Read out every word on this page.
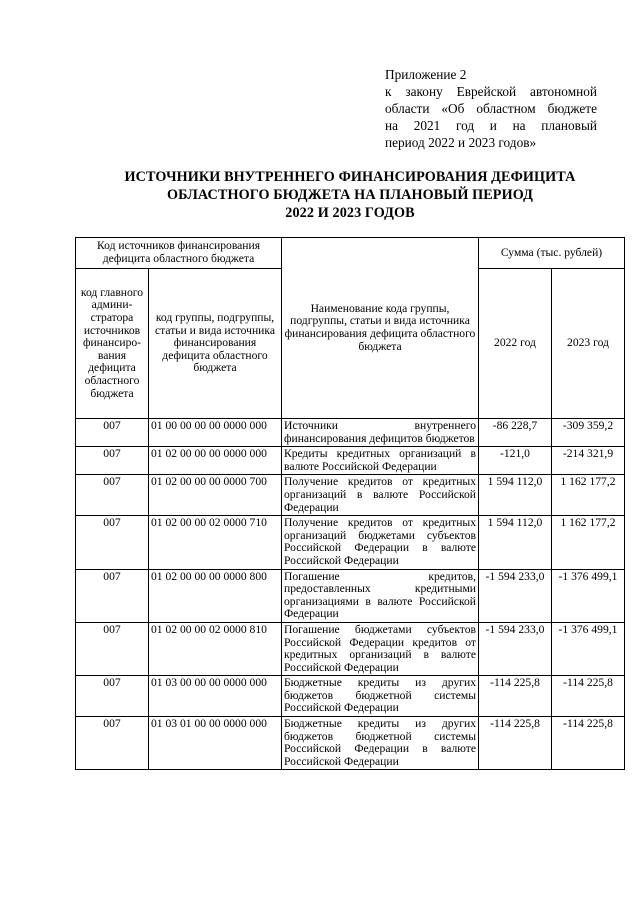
Приложение 2
к закону Еврейской автономной
области «Об областном бюджете
на 2021 год и на плановый
период 2022 и 2023 годов»
ИСТОЧНИКИ ВНУТРЕННЕГО ФИНАНСИРОВАНИЯ ДЕФИЦИТА
ОБЛАСТНОГО БЮДЖЕТА НА ПЛАНОВЫЙ ПЕРИОД
2022 И 2023 ГОДОВ
Код источников финансирования дефицита областного бюджета		Наименование кода группы, подгруппы, статьи и вида источника финансирования дефицита областного бюджета	Сумма (тыс. рублей)	
код главного админи-стратора источников финансиро-вания дефицита областного бюджета	код группы, подгруппы, статьи и вида источника финансирования дефицита областного бюджета		2022 год	2023 год
007	01 00 00 00 00 0000 000	Источники внутреннего финансирования дефицитов бюджетов	-86 228,7	-309 359,2
007	01 02 00 00 00 0000 000	Кредиты кредитных организаций в валюте Российской Федерации	-121,0	-214 321,9
007	01 02 00 00 00 0000 700	Получение кредитов от кредитных организаций в валюте Российской Федерации	1 594 112,0	1 162 177,2
007	01 02 00 00 02 0000 710	Получение кредитов от кредитных организаций бюджетами субъектов Российской Федерации в валюте Российской Федерации	1 594 112,0	1 162 177,2
007	01 02 00 00 00 0000 800	Погашение кредитов, предоставленных кредитными организациями в валюте Российской Федерации	-1 594 233,0	-1 376 499,1
007	01 02 00 00 02 0000 810	Погашение бюджетами субъектов Российской Федерации кредитов от кредитных организаций в валюте Российской Федерации	-1 594 233,0	-1 376 499,1
007	01 03 00 00 00 0000 000	Бюджетные кредиты из других бюджетов бюджетной системы Российской Федерации	-114 225,8	-114 225,8
007	01 03 01 00 00 0000 000	Бюджетные кредиты из других бюджетов бюджетной системы Российской Федерации в валюте Российской Федерации	-114 225,8	-114 225,8
